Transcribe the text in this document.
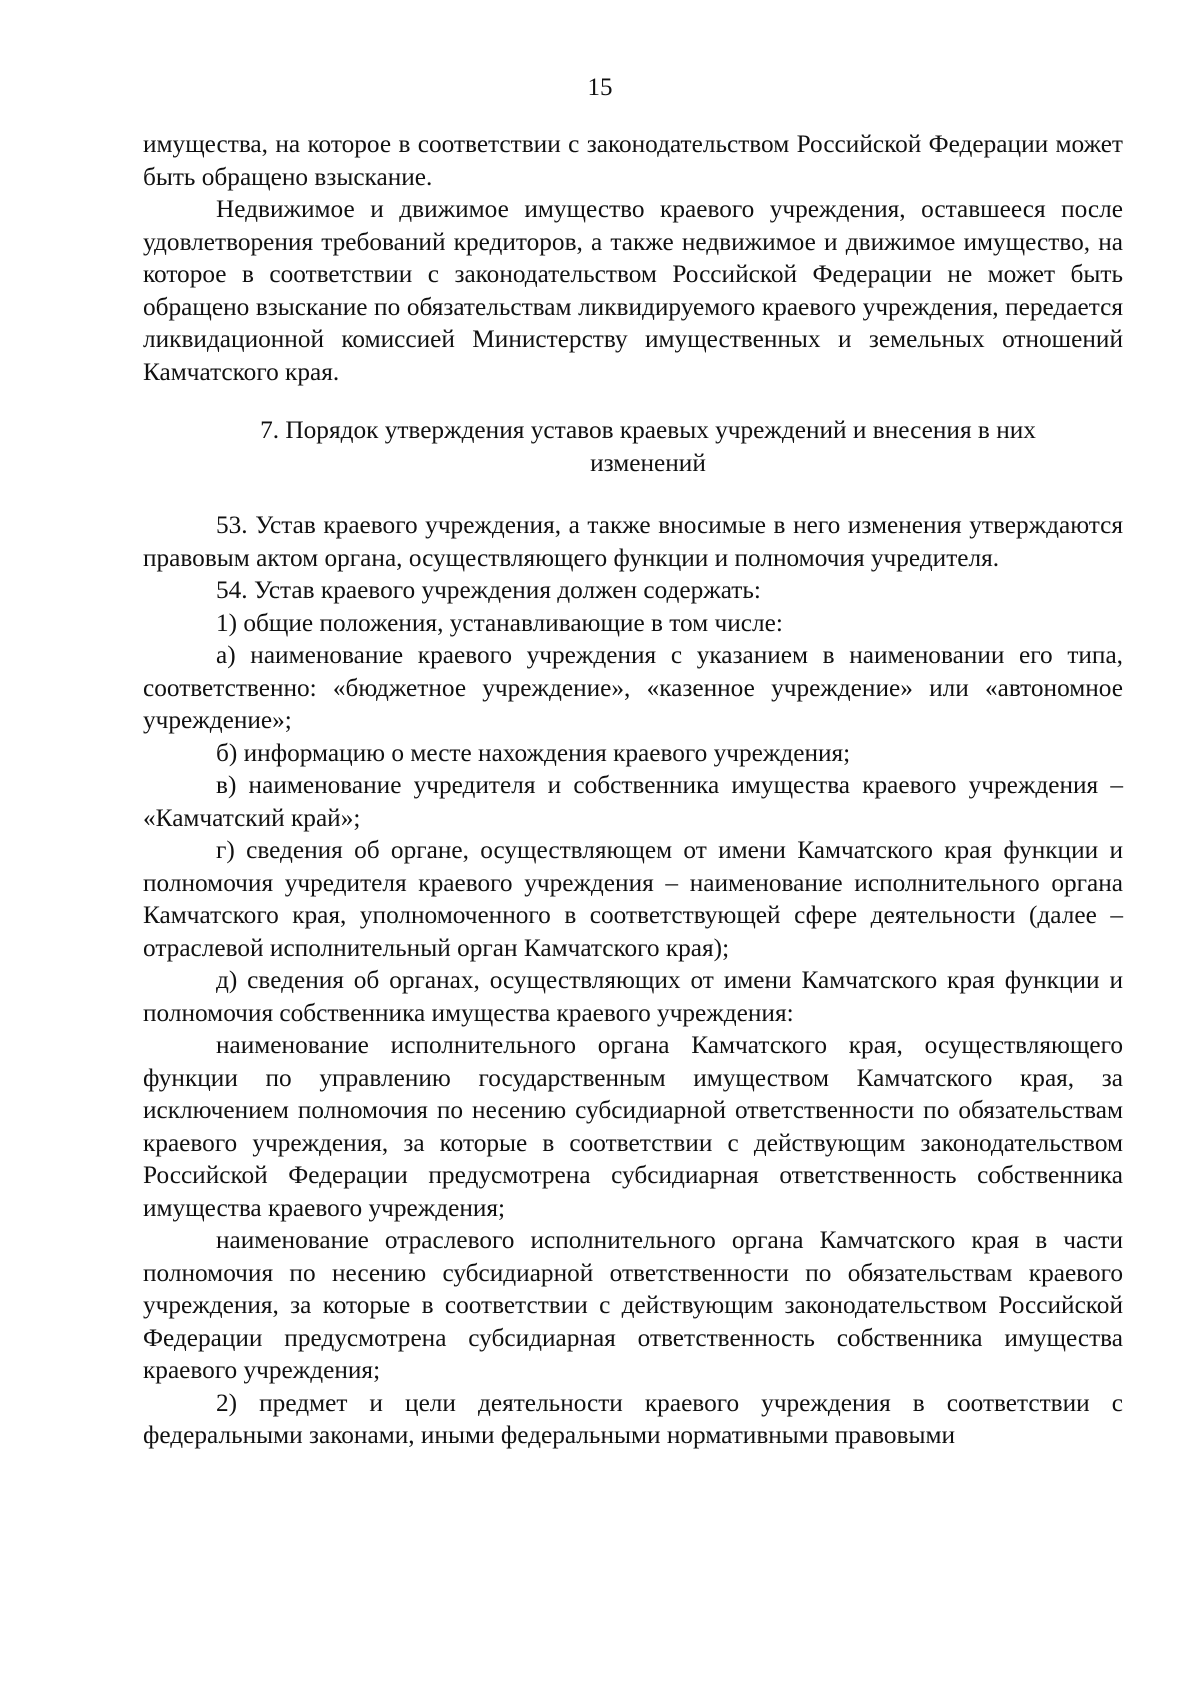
15

имущества, на которое в соответствии с законодательством Российской Федерации может быть обращено взыскание.

Недвижимое и движимое имущество краевого учреждения, оставшееся после удовлетворения требований кредиторов, а также недвижимое и движимое имущество, на которое в соответствии с законодательством Российской Федерации не может быть обращено взыскание по обязательствам ликвидируемого краевого учреждения, передается ликвидационной комиссией Министерству имущественных и земельных отношений Камчатского края.

7. Порядок утверждения уставов краевых учреждений и внесения в них
изменений

53. Устав краевого учреждения, а также вносимые в него изменения утверждаются правовым актом органа, осуществляющего функции и полномочия учредителя.

54. Устав краевого учреждения должен содержать:

1) общие положения, устанавливающие в том числе:

а) наименование краевого учреждения с указанием в наименовании его типа, соответственно: «бюджетное учреждение», «казенное учреждение» или «автономное учреждение»;

б) информацию о месте нахождения краевого учреждения;

в) наименование учредителя и собственника имущества краевого учреждения – «Камчатский край»;

г) сведения об органе, осуществляющем от имени Камчатского края функции и полномочия учредителя краевого учреждения – наименование исполнительного органа Камчатского края, уполномоченного в соответствующей сфере деятельности (далее – отраслевой исполнительный орган Камчатского края);

д) сведения об органах, осуществляющих от имени Камчатского края функции и полномочия собственника имущества краевого учреждения:

наименование исполнительного органа Камчатского края, осуществляющего функции по управлению государственным имуществом Камчатского края, за исключением полномочия по несению субсидиарной ответственности по обязательствам краевого учреждения, за которые в соответствии с действующим законодательством Российской Федерации предусмотрена субсидиарная ответственность собственника имущества краевого учреждения;

наименование отраслевого исполнительного органа Камчатского края в части полномочия по несению субсидиарной ответственности по обязательствам краевого учреждения, за которые в соответствии с действующим законодательством Российской Федерации предусмотрена субсидиарная ответственность собственника имущества краевого учреждения;

2) предмет и цели деятельности краевого учреждения в соответствии с федеральными законами, иными федеральными нормативными правовыми
